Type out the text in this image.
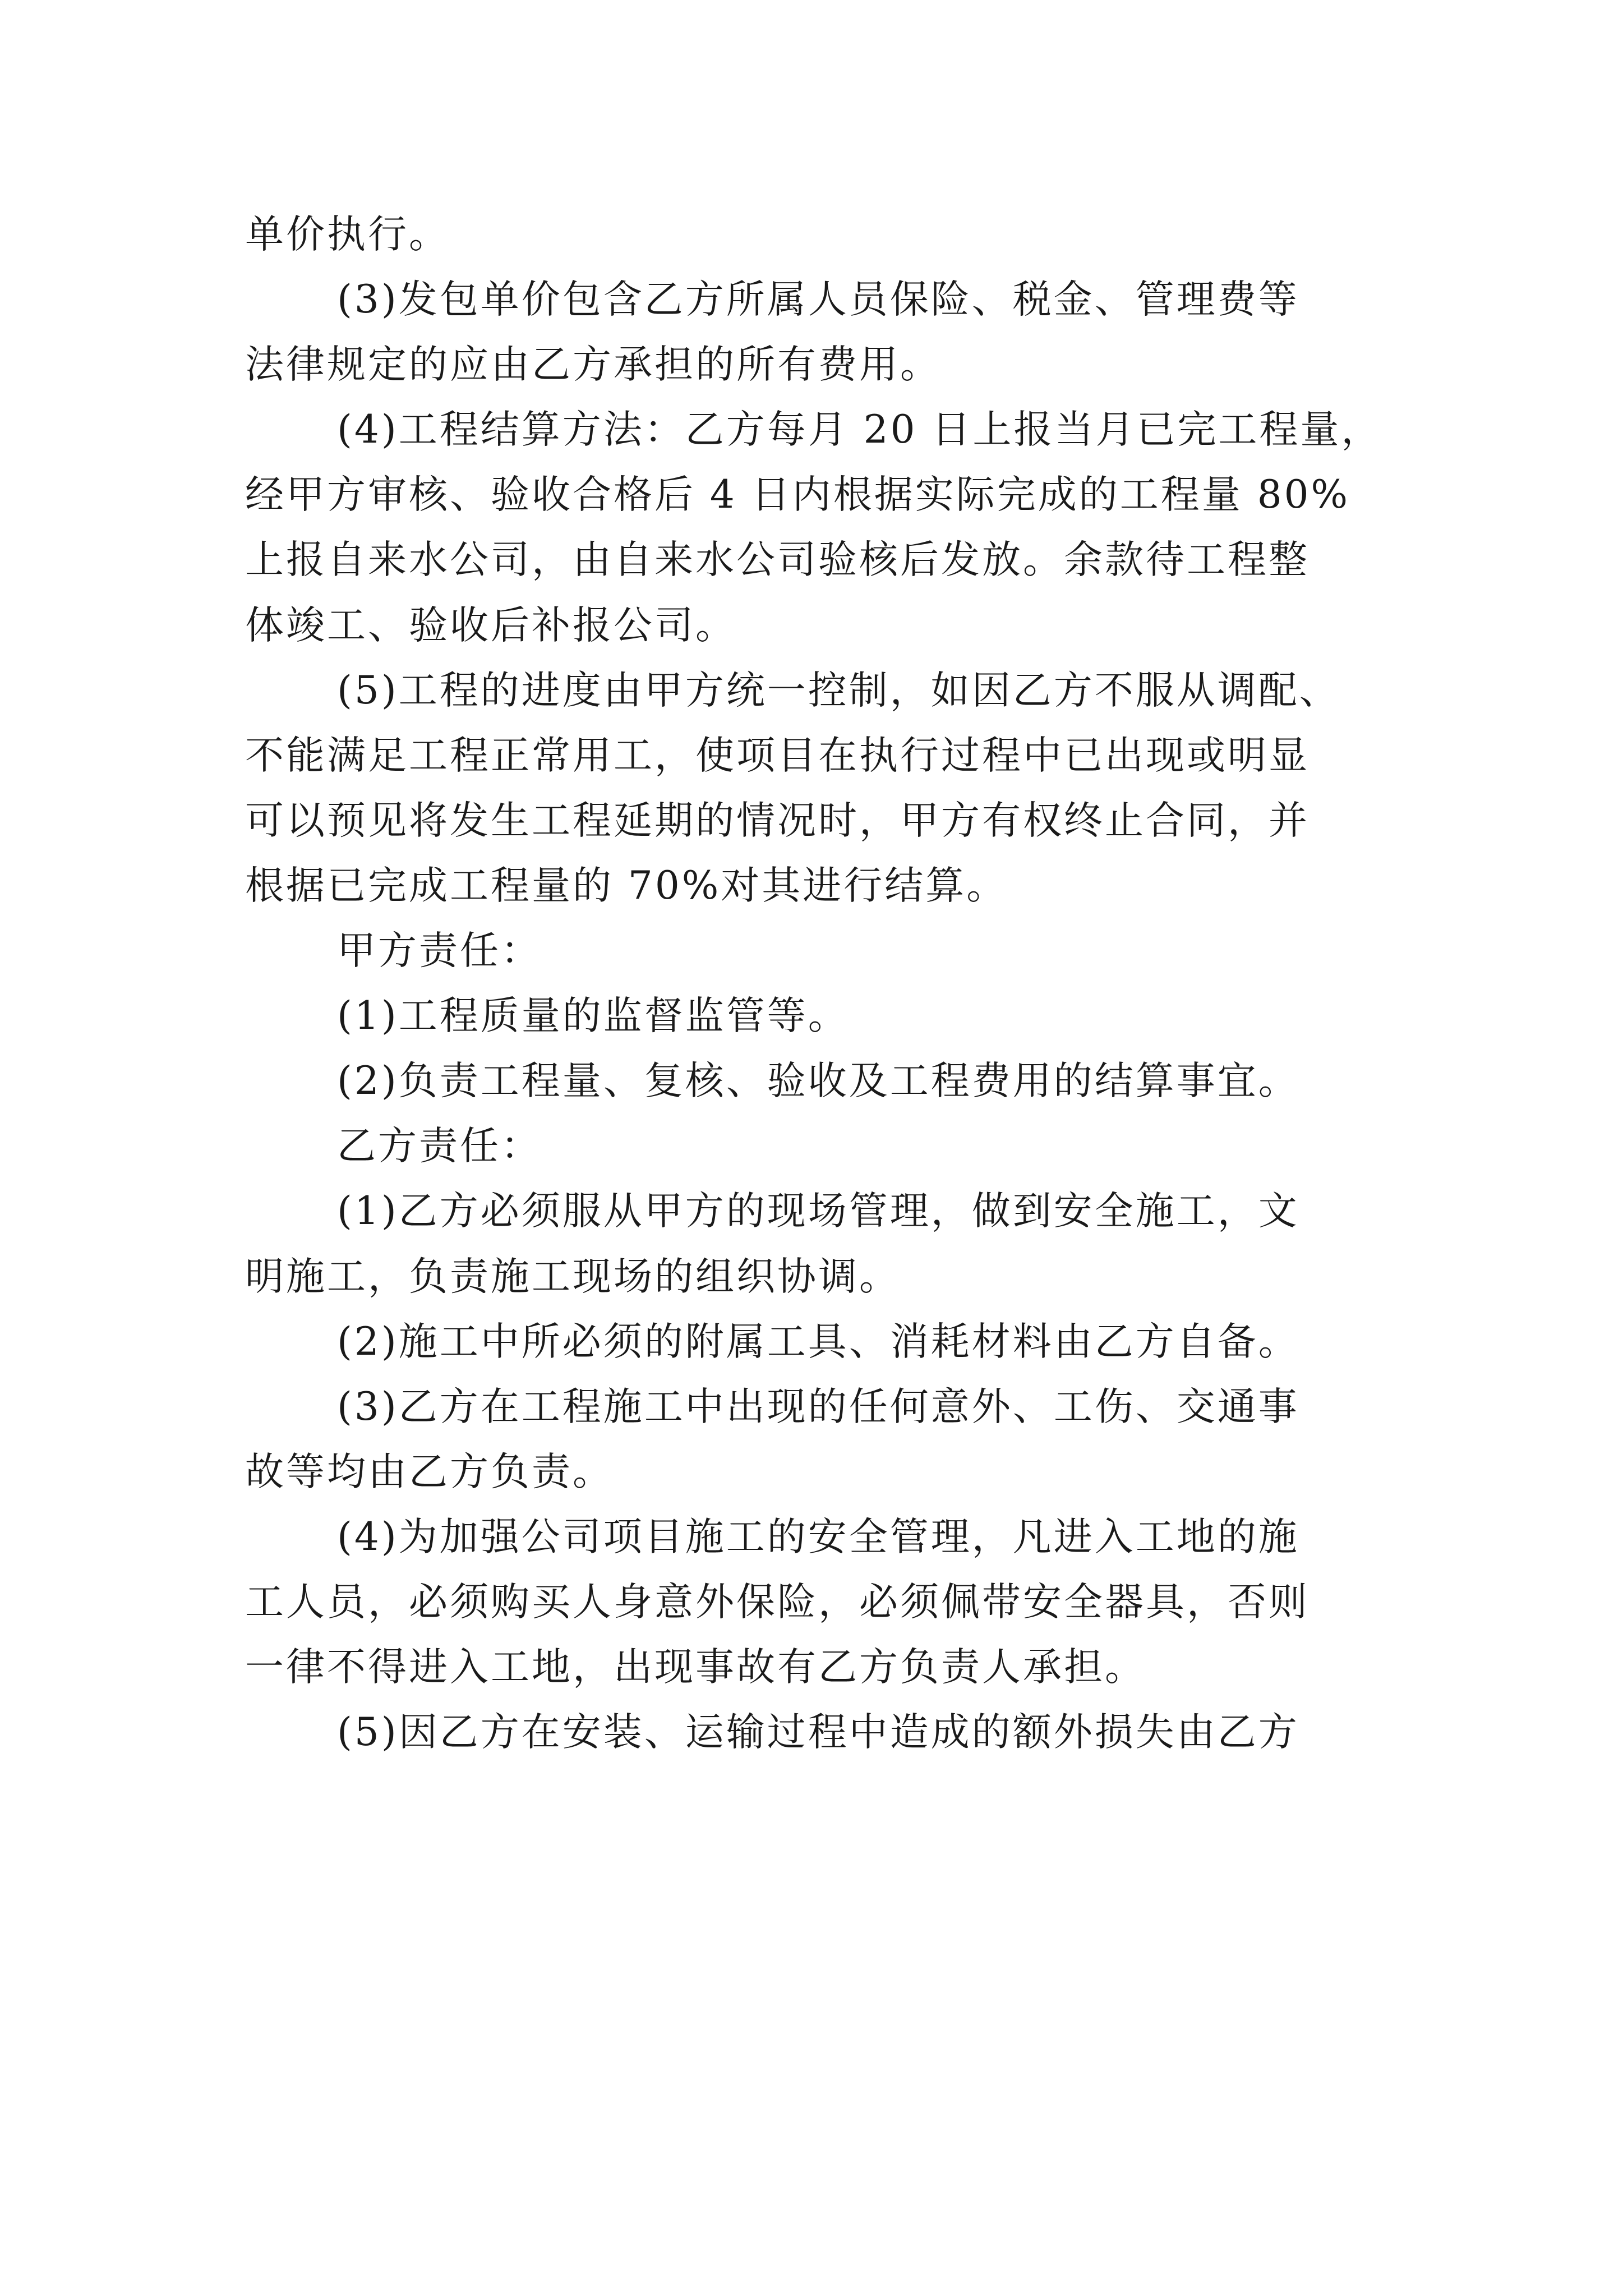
单价执行。
(3)发包单价包含乙方所属人员保险、税金、管理费等
法律规定的应由乙方承担的所有费用。
(4)工程结算方法：乙方每月 20 日上报当月已完工程量，
经甲方审核、验收合格后 4 日内根据实际完成的工程量 80%
上报自来水公司，由自来水公司验核后发放。余款待工程整
体竣工、验收后补报公司。
(5)工程的进度由甲方统一控制，如因乙方不服从调配、
不能满足工程正常用工，使项目在执行过程中已出现或明显
可以预见将发生工程延期的情况时，甲方有权终止合同，并
根据已完成工程量的 70%对其进行结算。
甲方责任：
(1)工程质量的监督监管等。
(2)负责工程量、复核、验收及工程费用的结算事宜。
乙方责任：
(1)乙方必须服从甲方的现场管理，做到安全施工，文
明施工，负责施工现场的组织协调。
(2)施工中所必须的附属工具、消耗材料由乙方自备。
(3)乙方在工程施工中出现的任何意外、工伤、交通事
故等均由乙方负责。
(4)为加强公司项目施工的安全管理，凡进入工地的施
工人员，必须购买人身意外保险，必须佩带安全器具，否则
一律不得进入工地，出现事故有乙方负责人承担。
(5)因乙方在安装、运输过程中造成的额外损失由乙方
